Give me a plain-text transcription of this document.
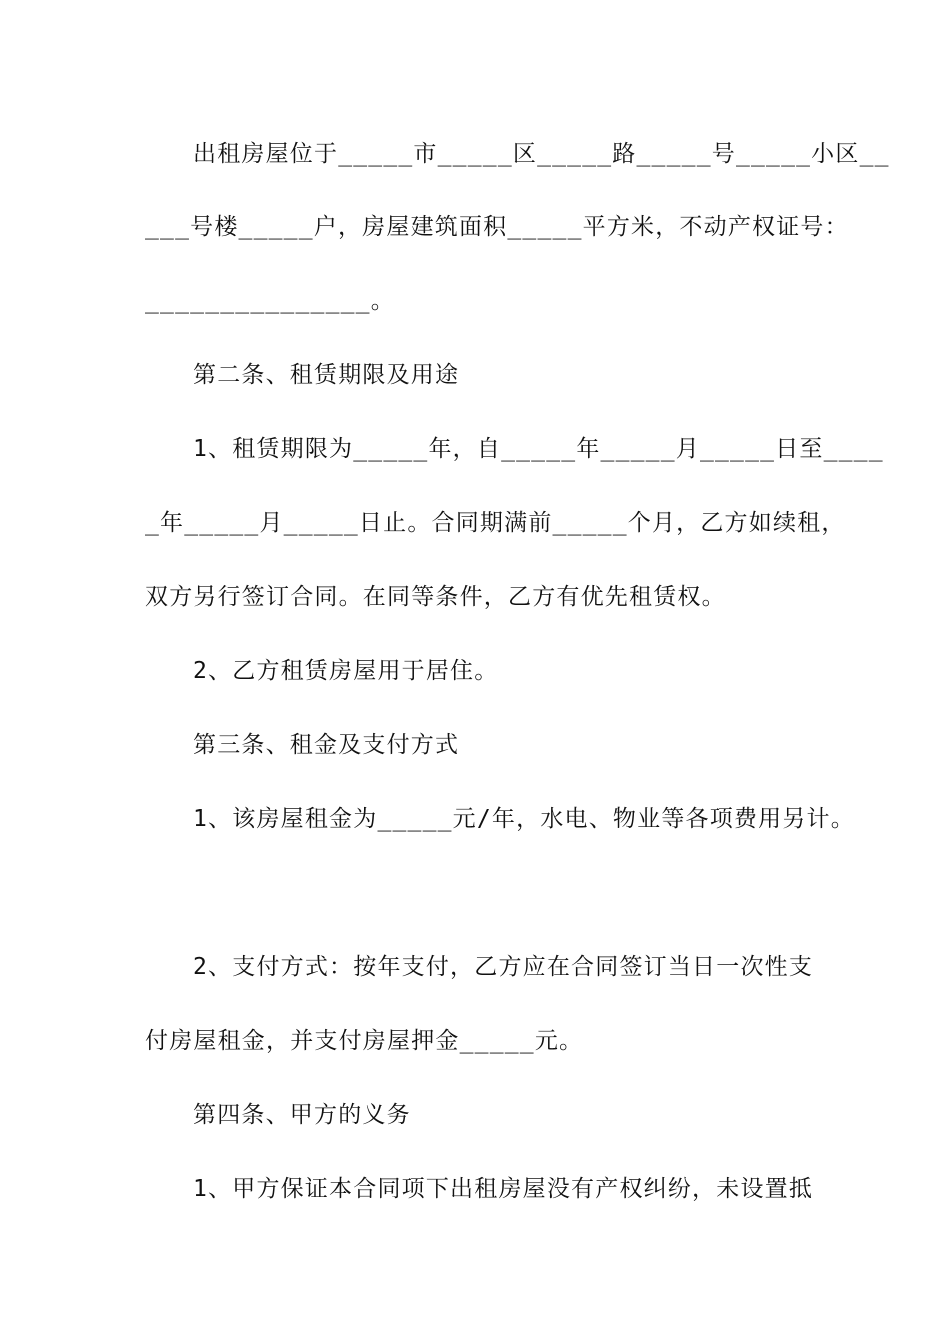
出租房屋位于_____市_____区_____路_____号_____小区__
___号楼_____户，房屋建筑面积_____平方米，不动产权证号：
_______________。
第二条、租赁期限及用途
1、租赁期限为_____年，自_____年_____月_____日至____
_年_____月_____日止。合同期满前_____个月，乙方如续租，
双方另行签订合同。在同等条件，乙方有优先租赁权。
2、乙方租赁房屋用于居住。
第三条、租金及支付方式
1、该房屋租金为_____元/年，水电、物业等各项费用另计。
2、支付方式：按年支付，乙方应在合同签订当日一次性支
付房屋租金，并支付房屋押金_____元。
第四条、甲方的义务
1、甲方保证本合同项下出租房屋没有产权纠纷，未设置抵
